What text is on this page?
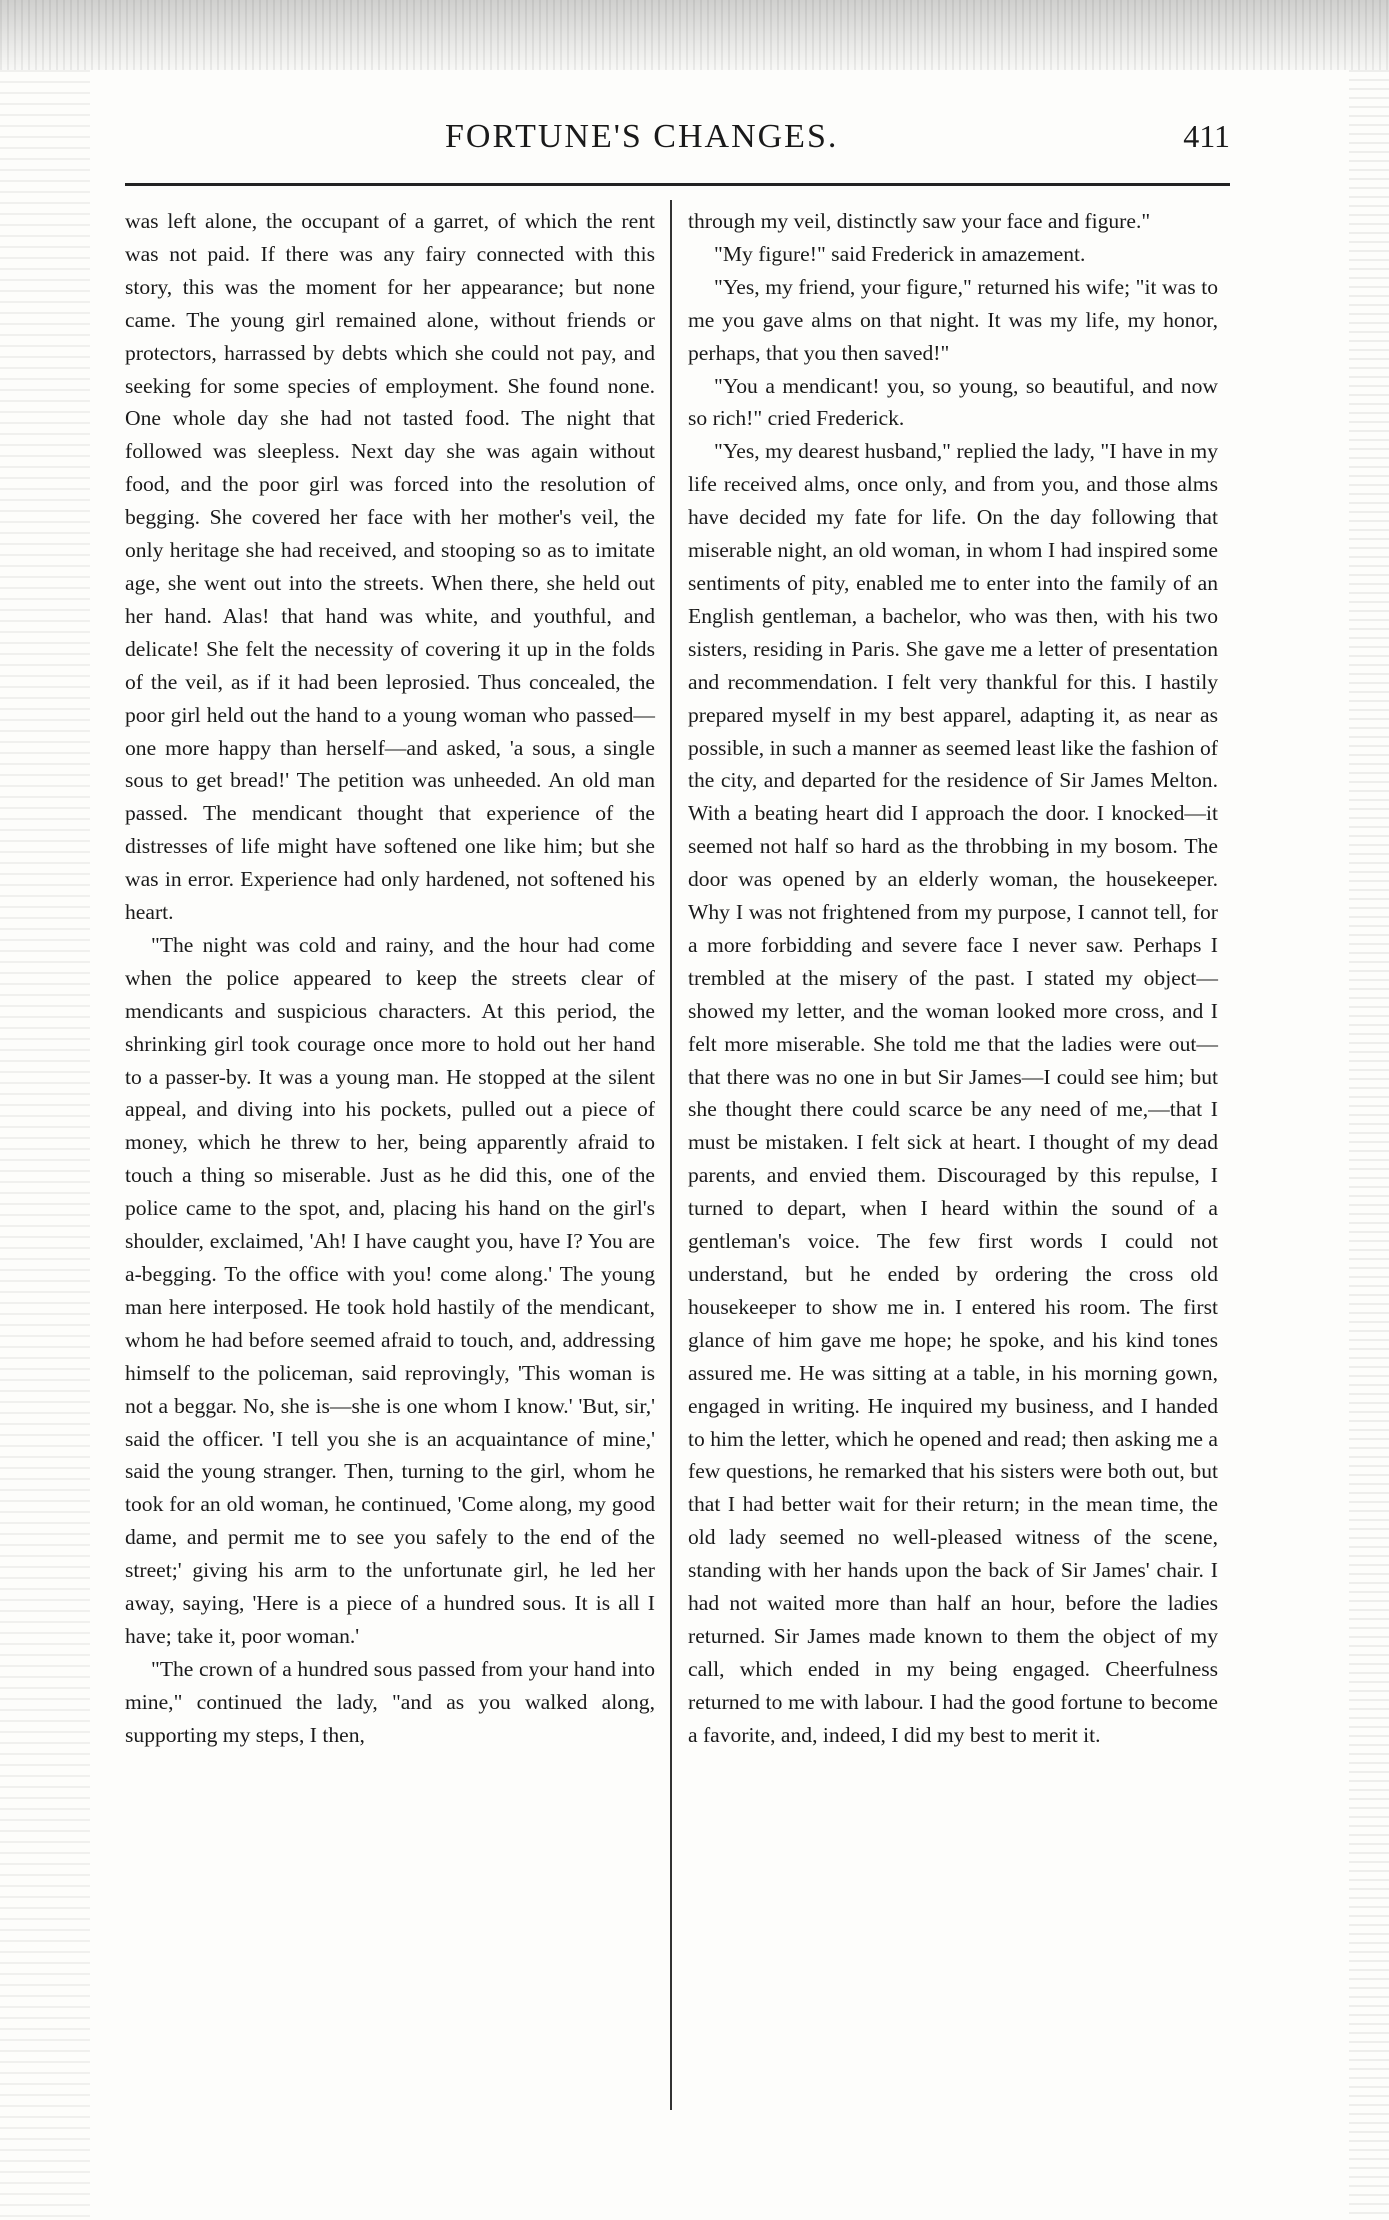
FORTUNE'S CHANGES.	411

was left alone, the occupant of a garret, of which the rent was not paid. If there was any fairy connected with this story, this was the moment for her appearance; but none came. The young girl remained alone, without friends or protectors, harrassed by debts which she could not pay, and seeking for some species of employment. She found none. One whole day she had not tasted food. The night that followed was sleepless. Next day she was again without food, and the poor girl was forced into the resolution of begging. She covered her face with her mother's veil, the only heritage she had received, and stooping so as to imitate age, she went out into the streets. When there, she held out her hand. Alas! that hand was white, and youthful, and delicate! She felt the necessity of covering it up in the folds of the veil, as if it had been leprosied. Thus concealed, the poor girl held out the hand to a young woman who passed—one more happy than herself—and asked, 'a sous, a single sous to get bread!' The petition was unheeded. An old man passed. The mendicant thought that experience of the distresses of life might have softened one like him; but she was in error. Experience had only hardened, not softened his heart.

"The night was cold and rainy, and the hour had come when the police appeared to keep the streets clear of mendicants and suspicious characters. At this period, the shrinking girl took courage once more to hold out her hand to a passer-by. It was a young man. He stopped at the silent appeal, and diving into his pockets, pulled out a piece of money, which he threw to her, being apparently afraid to touch a thing so miserable. Just as he did this, one of the police came to the spot, and, placing his hand on the girl's shoulder, exclaimed, 'Ah! I have caught you, have I? You are a-begging. To the office with you! come along.' The young man here interposed. He took hold hastily of the mendicant, whom he had before seemed afraid to touch, and, addressing himself to the policeman, said reprovingly, 'This woman is not a beggar. No, she is—she is one whom I know.' 'But, sir,' said the officer. 'I tell you she is an acquaintance of mine,' said the young stranger. Then, turning to the girl, whom he took for an old woman, he continued, 'Come along, my good dame, and permit me to see you safely to the end of the street;' giving his arm to the unfortunate girl, he led her away, saying, 'Here is a piece of a hundred sous. It is all I have; take it, poor woman.'

"The crown of a hundred sous passed from your hand into mine," continued the lady, "and as you walked along, supporting my steps, I then,

through my veil, distinctly saw your face and figure."

"My figure!" said Frederick in amazement.

"Yes, my friend, your figure," returned his wife; "it was to me you gave alms on that night. It was my life, my honor, perhaps, that you then saved!"

"You a mendicant! you, so young, so beautiful, and now so rich!" cried Frederick.

"Yes, my dearest husband," replied the lady, "I have in my life received alms, once only, and from you, and those alms have decided my fate for life. On the day following that miserable night, an old woman, in whom I had inspired some sentiments of pity, enabled me to enter into the family of an English gentleman, a bachelor, who was then, with his two sisters, residing in Paris. She gave me a letter of presentation and recommendation. I felt very thankful for this. I hastily prepared myself in my best apparel, adapting it, as near as possible, in such a manner as seemed least like the fashion of the city, and departed for the residence of Sir James Melton. With a beating heart did I approach the door. I knocked—it seemed not half so hard as the throbbing in my bosom. The door was opened by an elderly woman, the housekeeper. Why I was not frightened from my purpose, I cannot tell, for a more forbidding and severe face I never saw. Perhaps I trembled at the misery of the past. I stated my object—showed my letter, and the woman looked more cross, and I felt more miserable. She told me that the ladies were out—that there was no one in but Sir James—I could see him; but she thought there could scarce be any need of me,—that I must be mistaken. I felt sick at heart. I thought of my dead parents, and envied them. Discouraged by this repulse, I turned to depart, when I heard within the sound of a gentleman's voice. The few first words I could not understand, but he ended by ordering the cross old housekeeper to show me in. I entered his room. The first glance of him gave me hope; he spoke, and his kind tones assured me. He was sitting at a table, in his morning gown, engaged in writing. He inquired my business, and I handed to him the letter, which he opened and read; then asking me a few questions, he remarked that his sisters were both out, but that I had better wait for their return; in the mean time, the old lady seemed no well-pleased witness of the scene, standing with her hands upon the back of Sir James' chair. I had not waited more than half an hour, before the ladies returned. Sir James made known to them the object of my call, which ended in my being engaged. Cheerfulness returned to me with labour. I had the good fortune to become a favorite, and, indeed, I did my best to merit it.
